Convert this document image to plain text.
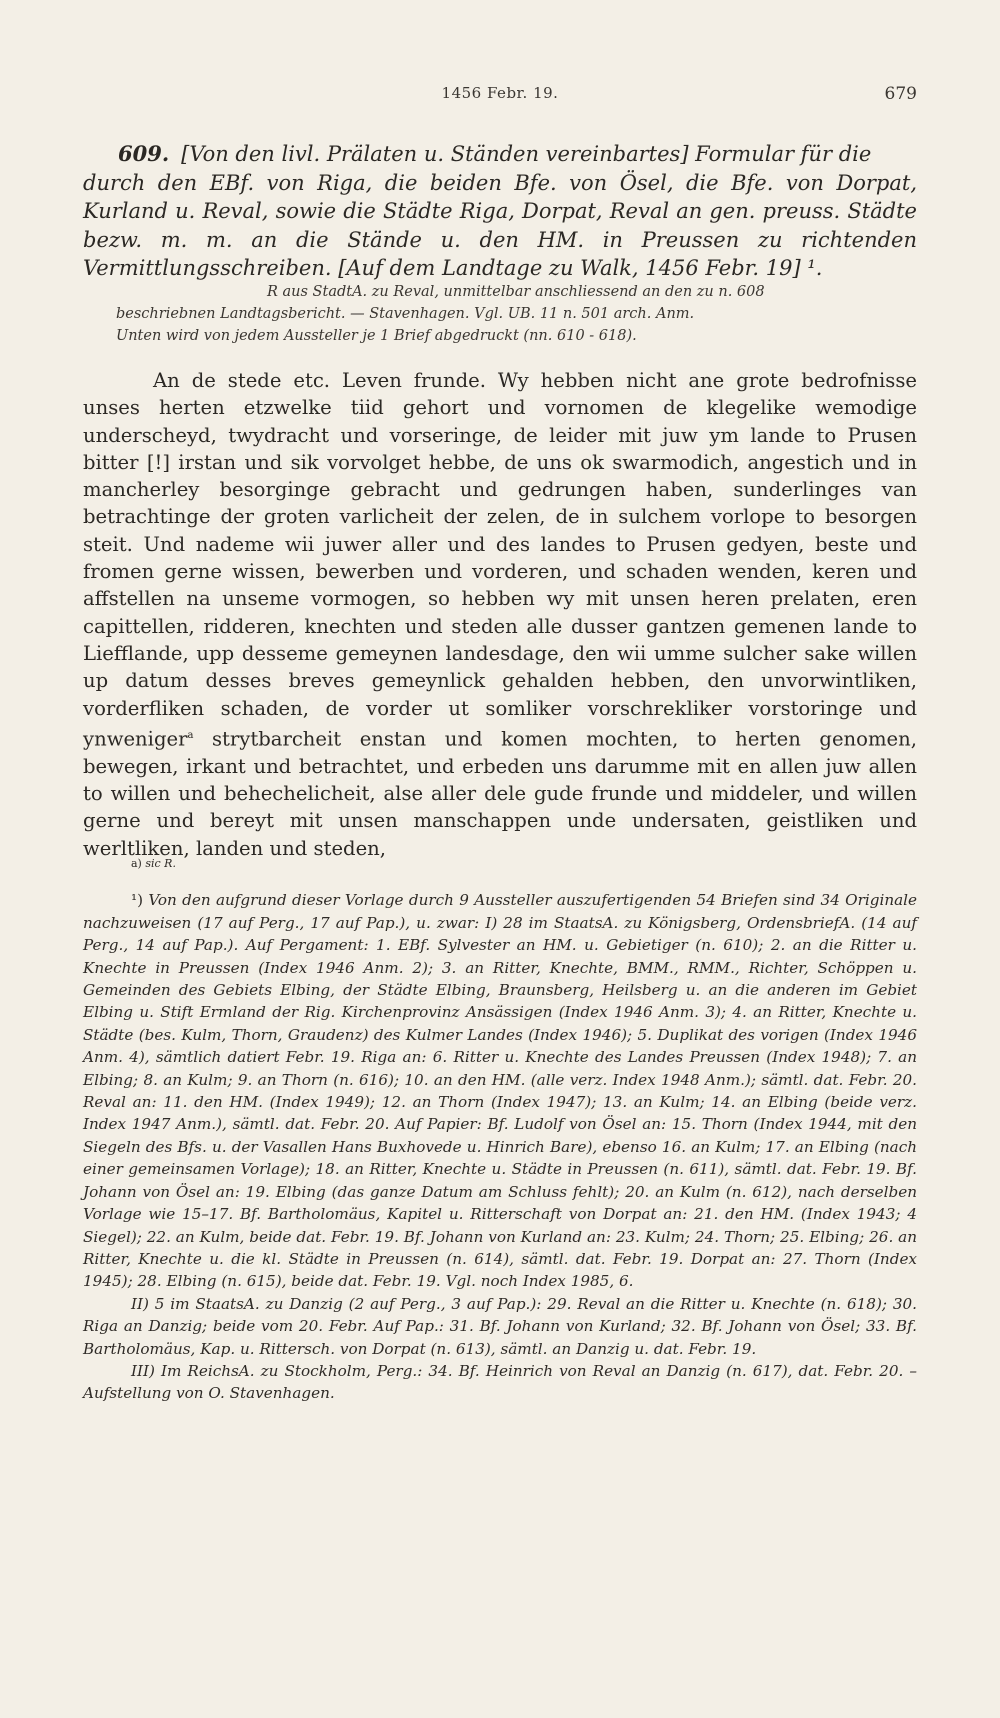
1456 Febr. 19.	679
609. [Von den livl. Prälaten u. Ständen vereinbartes] Formular für die
durch den EBf. von Riga, die beiden Bfe. von Ösel, die Bfe. von Dorpat, Kurland u. Reval, sowie die Städte Riga, Dorpat, Reval an gen. preuss. Städte bezw. m. m. an die Stände u. den HM. in Preussen zu richtenden Vermittlungsschreiben. [Auf dem Landtage zu Walk, 1456 Febr. 19] ¹.

R aus StadtA. zu Reval, unmittelbar anschliessend an den zu n. 608

beschriebnen Landtagsbericht. — Stavenhagen. Vgl. UB. 11 n. 501 arch. Anm.

Unten wird von jedem Aussteller je 1 Brief abgedruckt (nn. 610 - 618).

An de stede etc. Leven frunde. Wy hebben nicht ane grote bedrofnisse unses herten etzwelke tiid gehort und vornomen de klegelike wemodige underscheyd, twydracht und vorseringe, de leider mit juw ym lande to Prusen bitter [!] irstan und sik vorvolget hebbe, de uns ok swarmodich, angestich und in mancherley besorginge gebracht und gedrungen haben, sunderlinges van betrachtinge der groten varlicheit der zelen, de in sulchem vorlope to besorgen steit. Und nademe wii juwer aller und des landes to Prusen gedyen, beste und fromen gerne wissen, bewerben und vorderen, und schaden wenden, keren und affstellen na unseme vormogen, so hebben wy mit unsen heren prelaten, eren capittellen, ridderen, knechten und steden alle dusser gantzen gemenen lande to Liefflande, upp desseme gemeynen landesdage, den wii umme sulcher sake willen up datum desses breves gemeynlick gehalden hebben, den unvorwintliken, vorderfliken schaden, de vorder ut somliker vorschrekliker vorstoringe und ynweniger$^a$ strytbarcheit enstan und komen mochten, to herten genomen, bewegen, irkant und betrachtet, und erbeden uns darumme mit en allen juw allen to willen und behechelicheit, alse aller dele gude frunde und middeler, und willen gerne und bereyt mit unsen manschappen unde undersaten, geistliken und werltliken, landen und steden,

a) sic R.

¹) Von den aufgrund dieser Vorlage durch 9 Aussteller auszufertigenden 54 Briefen sind 34 Originale nachzuweisen (17 auf Perg., 17 auf Pap.), u. zwar: I) 28 im StaatsA. zu Königsberg, OrdensbriefA. (14 auf Perg., 14 auf Pap.). Auf Pergament: 1. EBf. Sylvester an HM. u. Gebietiger (n. 610); 2. an die Ritter u. Knechte in Preussen (Index 1946 Anm. 2); 3. an Ritter, Knechte, BMM., RMM., Richter, Schöppen u. Gemeinden des Gebiets Elbing, der Städte Elbing, Braunsberg, Heilsberg u. an die anderen im Gebiet Elbing u. Stift Ermland der Rig. Kirchenprovinz Ansässigen (Index 1946 Anm. 3); 4. an Ritter, Knechte u. Städte (bes. Kulm, Thorn, Graudenz) des Kulmer Landes (Index 1946); 5. Duplikat des vorigen (Index 1946 Anm. 4), sämtlich datiert Febr. 19. Riga an: 6. Ritter u. Knechte des Landes Preussen (Index 1948); 7. an Elbing; 8. an Kulm; 9. an Thorn (n. 616); 10. an den HM. (alle verz. Index 1948 Anm.); sämtl. dat. Febr. 20. Reval an: 11. den HM. (Index 1949); 12. an Thorn (Index 1947); 13. an Kulm; 14. an Elbing (beide verz. Index 1947 Anm.), sämtl. dat. Febr. 20. Auf Papier: Bf. Ludolf von Ösel an: 15. Thorn (Index 1944, mit den Siegeln des Bfs. u. der Vasallen Hans Buxhovede u. Hinrich Bare), ebenso 16. an Kulm; 17. an Elbing (nach einer gemeinsamen Vorlage); 18. an Ritter, Knechte u. Städte in Preussen (n. 611), sämtl. dat. Febr. 19. Bf. Johann von Ösel an: 19. Elbing (das ganze Datum am Schluss fehlt); 20. an Kulm (n. 612), nach derselben Vorlage wie 15–17. Bf. Bartholomäus, Kapitel u. Ritterschaft von Dorpat an: 21. den HM. (Index 1943; 4 Siegel); 22. an Kulm, beide dat. Febr. 19. Bf. Johann von Kurland an: 23. Kulm; 24. Thorn; 25. Elbing; 26. an Ritter, Knechte u. die kl. Städte in Preussen (n. 614), sämtl. dat. Febr. 19. Dorpat an: 27. Thorn (Index 1945); 28. Elbing (n. 615), beide dat. Febr. 19. Vgl. noch Index 1985, 6.

II) 5 im StaatsA. zu Danzig (2 auf Perg., 3 auf Pap.): 29. Reval an die Ritter u. Knechte (n. 618); 30. Riga an Danzig; beide vom 20. Febr. Auf Pap.: 31. Bf. Johann von Kurland; 32. Bf. Johann von Ösel; 33. Bf. Bartholomäus, Kap. u. Rittersch. von Dorpat (n. 613), sämtl. an Danzig u. dat. Febr. 19.

III) Im ReichsA. zu Stockholm, Perg.: 34. Bf. Heinrich von Reval an Danzig (n. 617), dat. Febr. 20. – Aufstellung von O. Stavenhagen.
